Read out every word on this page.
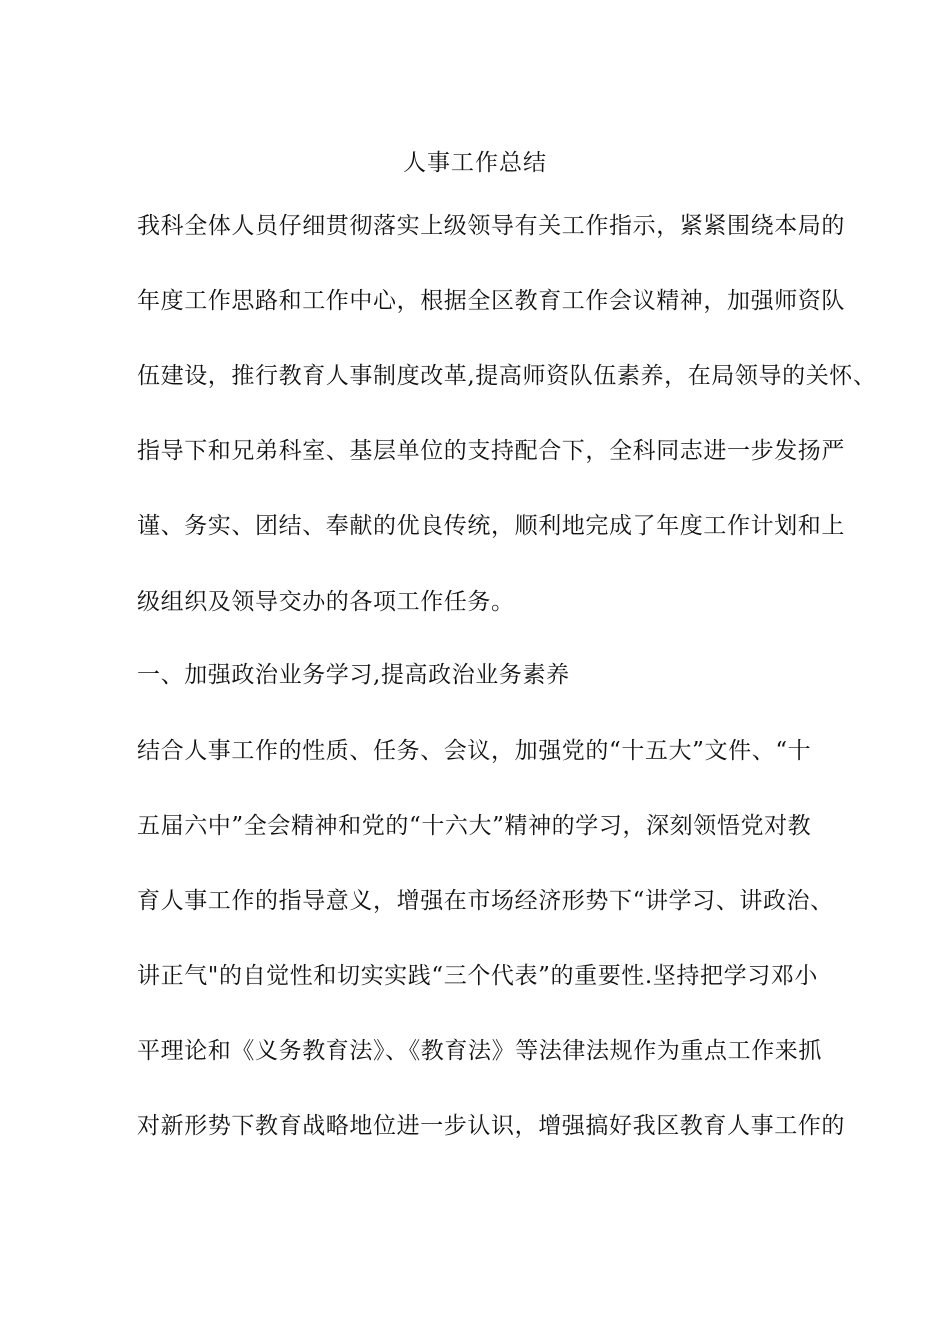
人事工作总结
我科全体人员仔细贯彻落实上级领导有关工作指示，紧紧围绕本局的
年度工作思路和工作中心，根据全区教育工作会议精神，加强师资队
伍建设，推行教育人事制度改革,提高师资队伍素养，在局领导的关怀、
指导下和兄弟科室、基层单位的支持配合下，全科同志进一步发扬严
谨、务实、团结、奉献的优良传统，顺利地完成了年度工作计划和上
级组织及领导交办的各项工作任务。
一、加强政治业务学习,提高政治业务素养
结合人事工作的性质、任务、会议，加强党的“十五大”文件、“十
五届六中”全会精神和党的“十六大”精神的学习，深刻领悟党对教
育人事工作的指导意义，增强在市场经济形势下“讲学习、讲政治、
讲正气"的自觉性和切实实践“三个代表”的重要性.坚持把学习邓小
平理论和《义务教育法》、《教育法》等法律法规作为重点工作来抓
对新形势下教育战略地位进一步认识，增强搞好我区教育人事工作的
